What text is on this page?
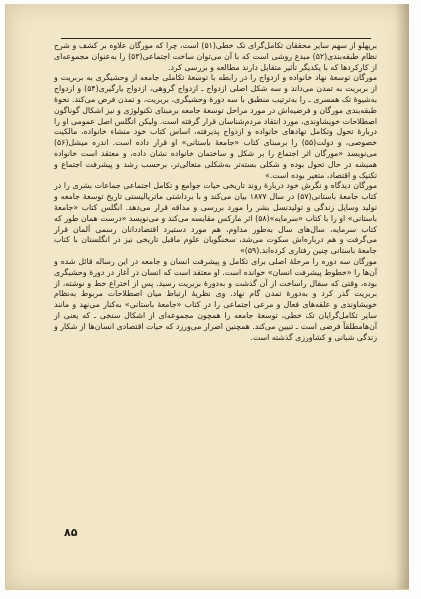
برپهلو از سهم سایر محققان تکامل‌گرای تک خطی(۵۱) است، چرا که مورگان علاوه بر کشف و شرح نظام طبقه‌بندی(۵۲) مبدع روشی است که با آن می‌توان ساخت اجتماعی(۵۳) را به‌عنوان مجموعه‌ای از کارکردها که با یکدیگر تأثیر متقابل دارند مطالعه و بررسی کرد.

مورگان توسعهٔ نهاد خانواده و ازدواج را در رابطه با توسعهٔ تکاملی جامعه از وحشیگری به بربریت و از بربریت به تمدن می‌داند و سه شکل اصلی ازدواج ـ ازدواج گروهی، ازدواج یارگیری(۵۴) و ازدواج به‌شیوهٔ تک همسری ـ را به‌ترتیب منطبق با سه دورهٔ وحشیگری، بربریت، و تمدن فرض می‌کند. نحوهٔ طبقه‌بندی مورگان و فرضیه‌اش در مورد مراحل توسعهٔ جامعه برمبنای تکنولوژی و نیز اشکال گوناگون اصطلاحات خویشاوندی، مورد انتقاد مردم‌شناسان قرار گرفته است. ولیکن انگلس اصل عمومی او را دربارهٔ تحول وتکامل نهادهای خانواده و ازدواج پذیرفته، اساس کتاب خود منشاء خانواده، مالکیت خصوصی، و دولت(۵۵) را برمبنای کتاب «جامعهٔ باستانی» او قرار داده است. اندره میشل(۵۶) می‌نویسد «مورگان اثر اجتماع را بر شکل و ساختمان خانواده نشان داده، و معتقد است خانواده همیشه در حال تحول بوده و شکلی بسته‌تر به‌شکلی متعالی‌تر، برحسب رشد و پیشرفت اجتماع و تکنیک و اقتصاد، متغیر بوده است.»

مورگان دیدگاه و نگرش خود دربارهٔ روند تاریخی حیات جوامع و تکامل اجتماعی جماعات بشری را در کتاب جامعهٔ باستانی(۵۷) در سال ۱۸۷۷ بیان می‌کند و با برداشتی ماتریالیستی تاریخ توسعهٔ جامعه و تولید وسایل زندگی و تولیدنسل بشر را مورد بررسی و مداقه قرار می‌دهد. انگلس کتاب «جامعهٔ باستانی» او را با کتاب «سرمایه»(۵۸) اثر مارکس مقایسه می‌کند و می‌نویسد «درست همان طور که کتاب سرمایه، سال‌های سال به‌طور مداوم، هم مورد دستبرد اقتصاددانان رسمی آلمان قرار می‌گرفت و هم درباره‌اش سکوت می‌شد، سخنگویان علوم ماقبل تاریخی نیز در انگلستان با کتاب جامعهٔ باستانی چنین رفتاری کرده‌اند.(۵۹)»

مورگان سه دوره را مرحلهٔ اصلی برای تکامل و پیشرفت انسان و جامعه در این رساله قائل شده و آن‌ها را «خطوط پیشرفت انسان» خوانده است. او معتقد است که انسان در آغاز در دورهٔ وحشیگری بوده، وقتی که سفال راساخت از آن گذشت و به‌دورهٔ بربریت رسید. پس از اختراع خط و نوشته، از بربریت گذر کرد و به‌دورهٔ تمدن گام نهاد. وی نظریهٔ ارتباط میان اصطلاحات مربوط به‌نظام خویشاوندی و علقه‌های فعال و مرعی اجتماعی را در کتاب «جامعهٔ باستانی» به‌کنار می‌نهد و مانند سایر تکامل‌گرایان تک خطی، توسعهٔ جامعه را همچون مجموعه‌ای از اشکال سنخی ـ که یعنی از آن‌هامطلقاً فرضی است ـ تبیین می‌کند. همچنین اصرار می‌ورزد که حیات اقتصادی انسان‌ها از شکار و زندگی شبانی و کشاورزی گذشته است.

۸۵
